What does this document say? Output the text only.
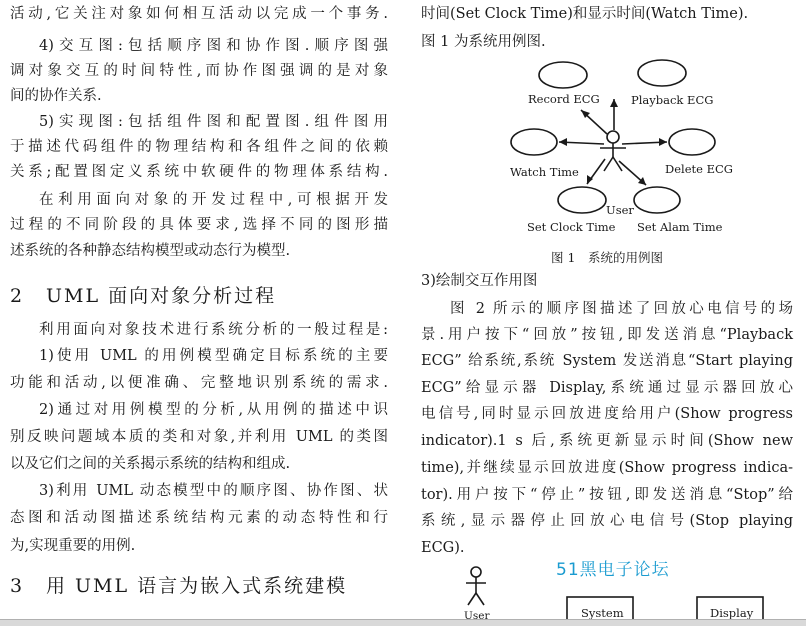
活动,它关注对象如何相互活动以完成一个事务.
4)交互图:包括顺序图和协作图.顺序图强
调对象交互的时间特性,而协作图强调的是对象
间的协作关系.
5)实现图:包括组件图和配置图.组件图用
于描述代码组件的物理结构和各组件之间的依赖
关系;配置图定义系统中软硬件的物理体系结构.
在利用面向对象的开发过程中,可根据开发
过程的不同阶段的具体要求,选择不同的图形描
述系统的各种静态结构模型或动态行为模型.
2 UML 面向对象分析过程
利用面向对象技术进行系统分析的一般过程是:
1)使用 UML 的用例模型确定目标系统的主要
功能和活动,以便准确、完整地识别系统的需求.
2)通过对用例模型的分析,从用例的描述中识
别反映问题域本质的类和对象,并利用 UML 的类图
以及它们之间的关系揭示系统的结构和组成.
3)利用 UML 动态模型中的顺序图、协作图、状
态图和活动图描述系统结构元素的动态特性和行
为,实现重要的用例.
3 用 UML 语言为嵌入式系统建模
时间(Set Clock Time)和显示时间(Watch Time).
图 1 为系统用例图.
Record ECG	Playback ECG
Watch Time	Delete ECG
Set Clock Time Set Alam Time
User
图 1　系统的用例图
3)绘制交互作用图
图 2 所示的顺序图描述了回放心电信号的场
景.用户按下“回放”按钮,即发送消息“Playback
ECG” 给系统,系统 System 发送消息“Start playing
ECG”给显示器 Display,系统通过显示器回放心
电信号,同时显示回放进度给用户(Show progress
indicator).1 s 后,系统更新显示时间(Show new
time),并继续显示回放进度(Show progress indica-
tor).用户按下“停止”按钮,即发送消息“Stop”给
系统,显示器停止回放心电信号(Stop playing
ECG).
User	System	Display
51黑电子论坛
